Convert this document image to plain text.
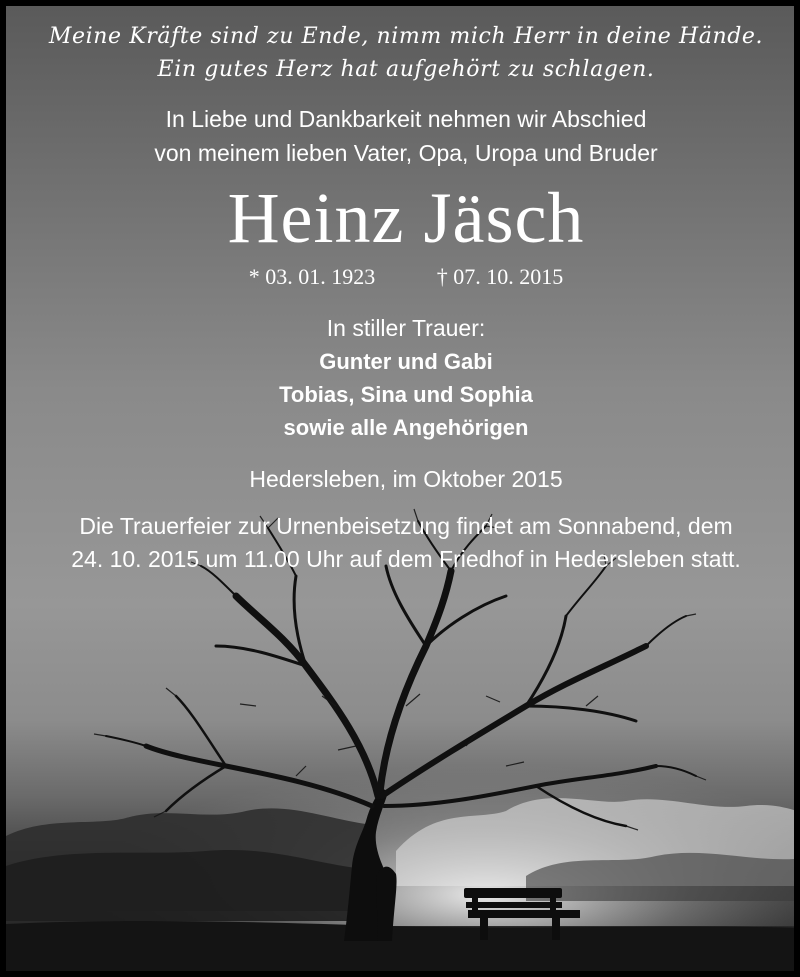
Meine Kräfte sind zu Ende, nimm mich Herr in deine Hände.
Ein gutes Herz hat aufgehört zu schlagen.
In Liebe und Dankbarkeit nehmen wir Abschied
von meinem lieben Vater, Opa, Uropa und Bruder
Heinz Jäsch
* 03. 01. 1923	† 07. 10. 2015
In stiller Trauer:
Gunter und Gabi
Tobias, Sina und Sophia
sowie alle Angehörigen
Hedersleben, im Oktober 2015
Die Trauerfeier zur Urnenbeisetzung findet am Sonnabend, dem
24. 10. 2015 um 11.00 Uhr auf dem Friedhof in Hedersleben statt.
